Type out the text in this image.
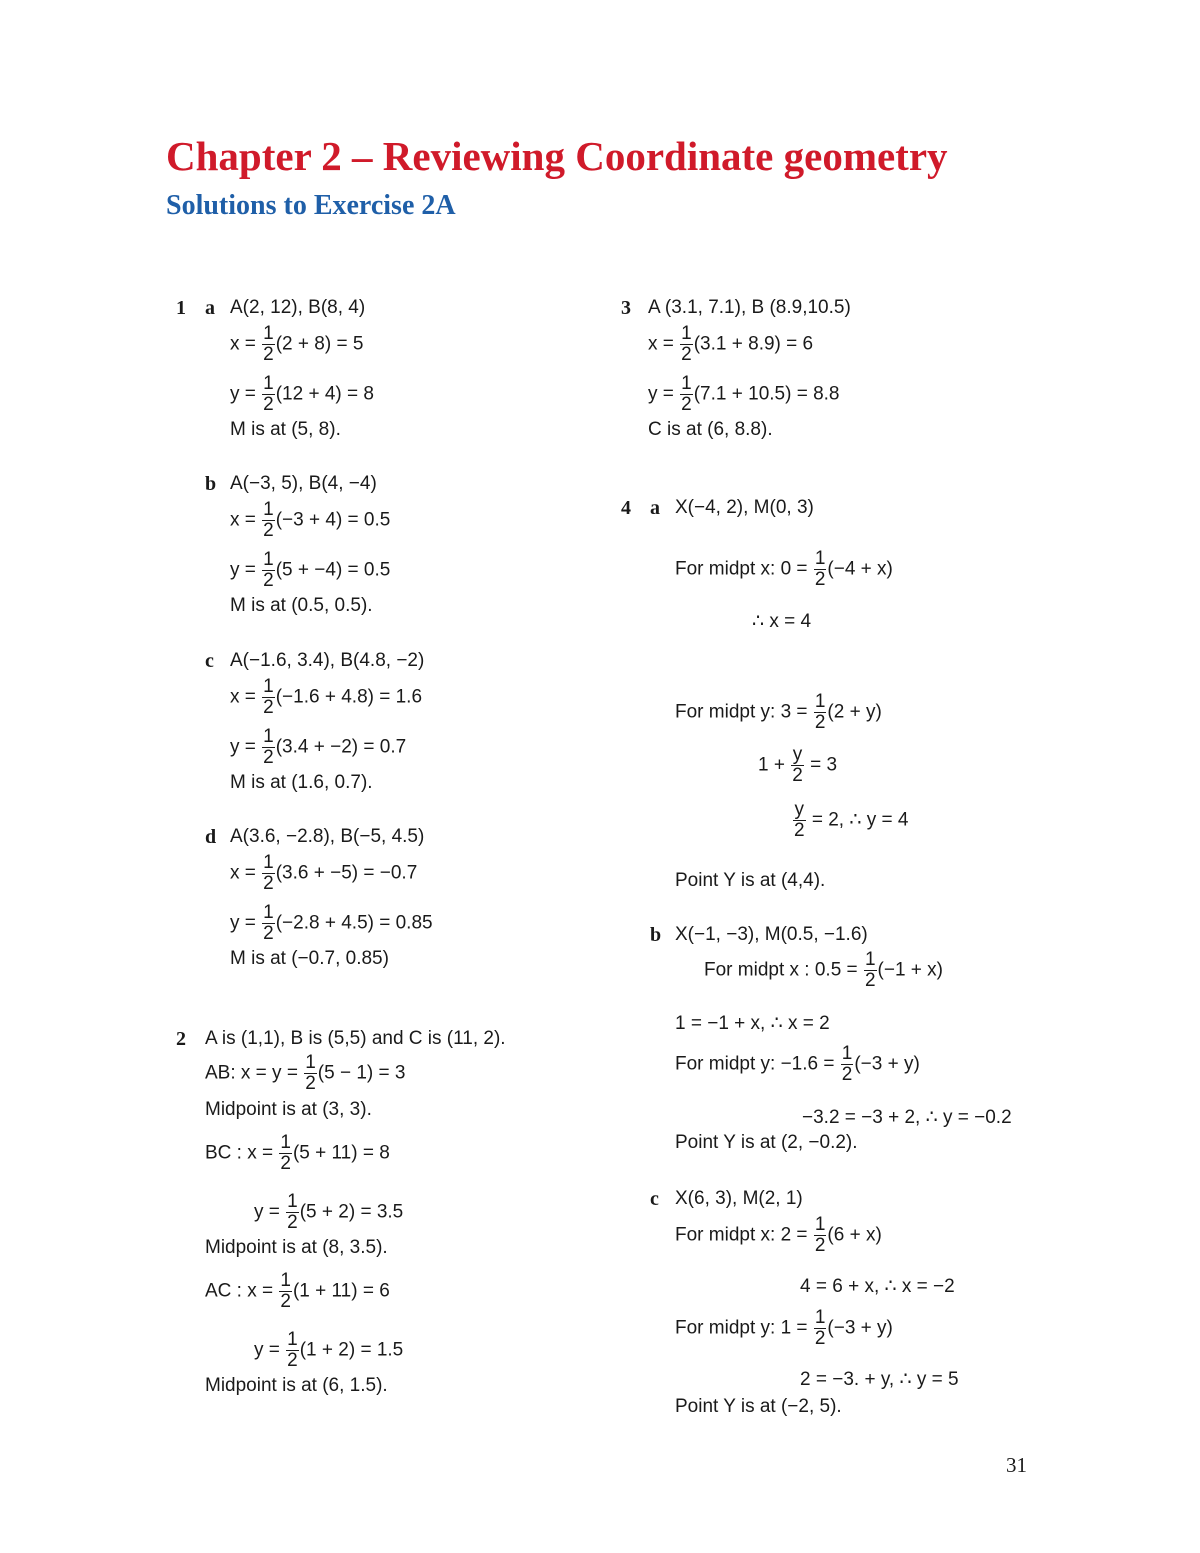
Chapter 2 – Reviewing Coordinate geometry
Solutions to Exercise 2A
1 a A(2, 12), B(8, 4)
$x = \frac{1}{2} (2 + 8) = 5$
$y = \frac{1}{2} (12 + 4) = 8$
M is at (5, 8).
b A(−3, 5), B(4, −4)
$x = \frac{1}{2} (-3 + 4) = 0.5$
$y = \frac{1}{2} (5 + -4) = 0.5$
M is at (0.5, 0.5).
c A(−1.6, 3.4), B(4.8, −2)
$x = \frac{1}{2} (-1.6 + 4.8) = 1.6$
$y = \frac{1}{2} (3.4 + -2) = 0.7$
M is at (1.6, 0.7).
d A(3.6, −2.8), B(−5, 4.5)
$x = \frac{1}{2} (3.6 + -5) = -0.7$
$y = \frac{1}{2} (-2.8 + 4.5) = 0.85$
M is at (−0.7, 0.85)
2 A is (1,1), B is (5,5) and C is (11, 2).
AB: $x = y = \frac{1}{2} (5 - 1) = 3$
Midpoint is at (3, 3).
BC : $x = \frac{1}{2} (5 + 11) = 8$
$y = \frac{1}{2} (5 + 2) = 3.5$
Midpoint is at (8, 3.5).
AC : $x = \frac{1}{2} (1 + 11) = 6$
$y = \frac{1}{2} (1 + 2) = 1.5$
Midpoint is at (6, 1.5).
3 A (3.1, 7.1), B (8.9,10.5)
$x = \frac{1}{2} (3.1 + 8.9) = 6$
$y = \frac{1}{2} (7.1 + 10.5) = 8.8$
C is at (6, 8.8).
4 a X(−4, 2), M(0, 3)
For midpt x: $0 = \frac{1}{2} (-4 + x)$
∴ x = 4
For midpt y: $3 = \frac{1}{2} (2 + y)$
$1 + \frac{y}{2} = 3$
$\frac{y}{2} = 2$, ∴ y = 4
Point Y is at (4,4).
b X(−1, −3), M(0.5, −1.6)
For midpt x : $0.5 = \frac{1}{2} (-1 + x)$
1 = −1 + x, ∴ x = 2
For midpt y: $-1.6 = \frac{1}{2} (-3 + y)$
−3.2 = −3 + 2, ∴ y = −0.2
Point Y is at (2, −0.2).
c X(6, 3), M(2, 1)
For midpt x: $2 = \frac{1}{2} (6 + x)$
4 = 6 + x, ∴ x = −2
For midpt y: $1 = \frac{1}{2} (-3 + y)$
2 = −3. + y, ∴ y = 5
Point Y is at (−2, 5).
31
